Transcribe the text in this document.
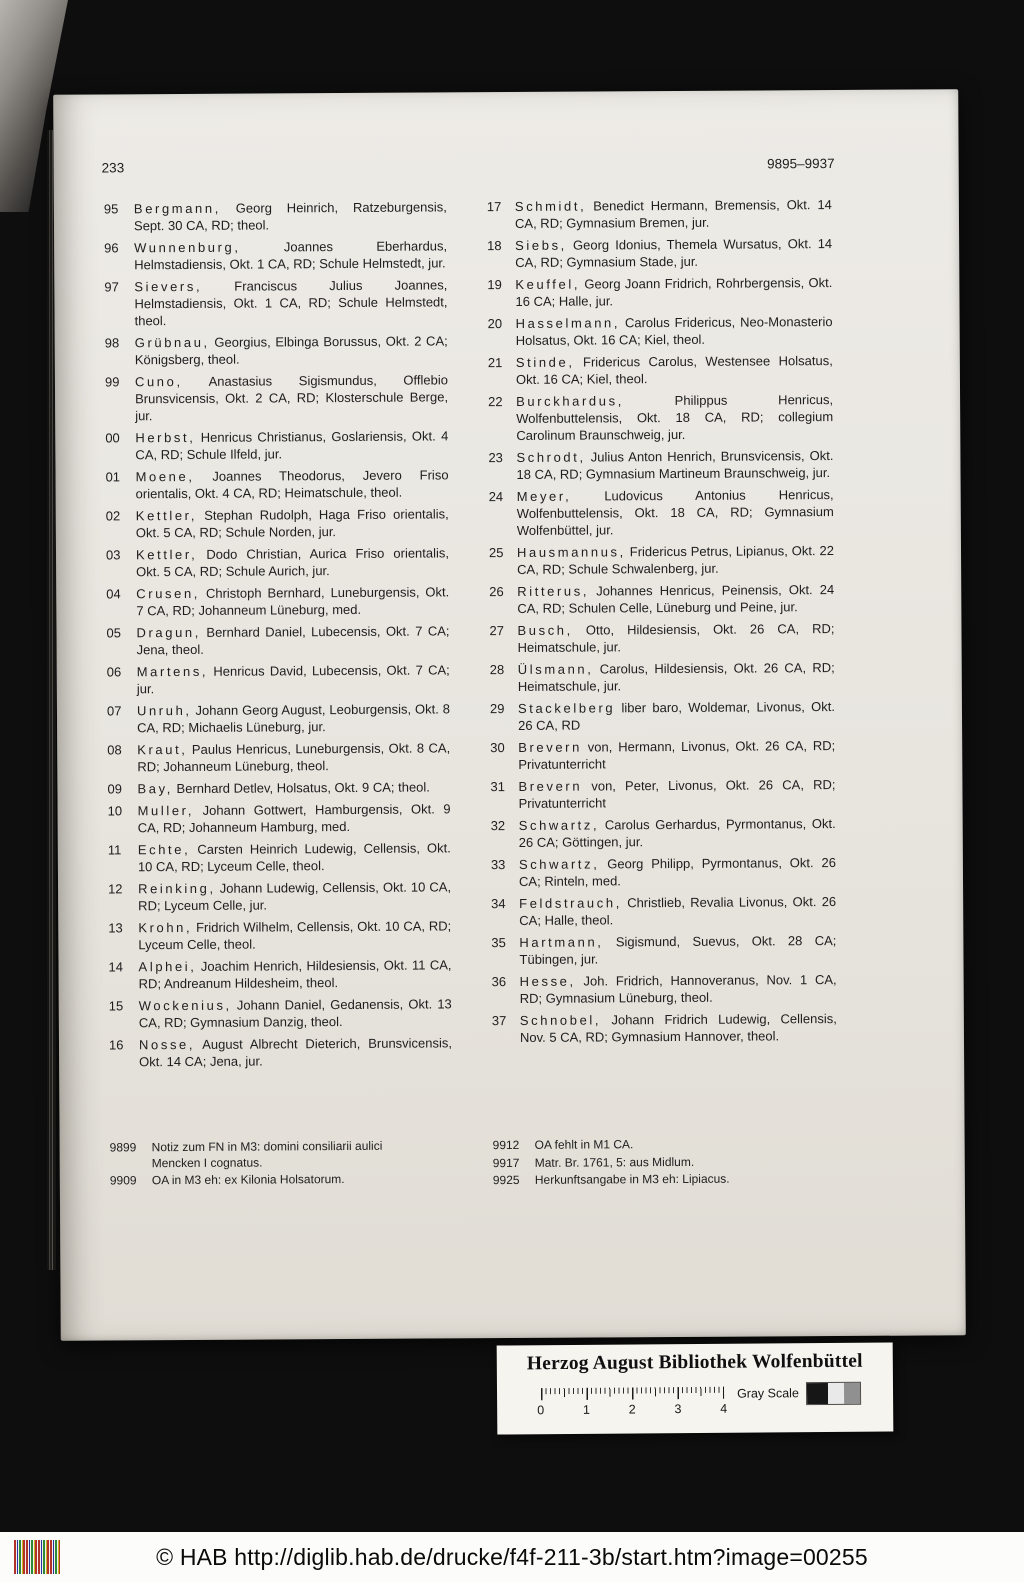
233	9895–9937
95	Bergmann, Georg Heinrich, Ratzeburgensis, Sept. 30 CA, RD; theol.

96	Wunnenburg,	Joannes Eberhardus, Helmstadiensis, Okt. 1 CA, RD; Schule Helmstedt, jur.

97	Sievers, Franciscus Julius Joannes, Helmstadiensis, Okt. 1 CA, RD; Schule Helmstedt, theol.

98	Grübnau, Georgius, Elbinga Borussus, Okt. 2 CA; Königsberg, theol.

99	Cuno, Anastasius Sigismundus, Offlebio Brunsvicensis, Okt. 2 CA, RD; Klosterschule Berge, jur.

00	Herbst, Henricus Christianus, Goslariensis, Okt. 4 CA, RD; Schule Ilfeld, jur.

01	Moene, Joannes Theodorus, Jevero Friso orientalis, Okt. 4 CA, RD; Heimatschule, theol.

02	Kettler, Stephan Rudolph, Haga Friso orientalis, Okt. 5 CA, RD; Schule Norden, jur.

03	Kettler, Dodo Christian, Aurica Friso orientalis, Okt. 5 CA, RD; Schule Aurich, jur.

04	Crusen, Christoph Bernhard, Luneburgensis, Okt. 7 CA, RD; Johanneum Lüneburg, med.

05	Dragun, Bernhard Daniel, Lubecensis, Okt. 7 CA; Jena, theol.

06	Martens, Henricus David, Lubecensis, Okt. 7 CA; jur.

07	Unruh, Johann Georg August, Leoburgensis, Okt. 8 CA, RD; Michaelis Lüneburg, jur.

08	Kraut, Paulus Henricus, Luneburgensis, Okt. 8 CA, RD; Johanneum Lüneburg, theol.

09	Bay, Bernhard Detlev, Holsatus, Okt. 9 CA; theol.

10	Muller, Johann Gottwert, Hamburgensis, Okt. 9 CA, RD; Johanneum Hamburg, med.

11	Echte, Carsten Heinrich Ludewig, Cellensis, Okt. 10 CA, RD; Lyceum Celle, theol.

12	Reinking, Johann Ludewig, Cellensis, Okt. 10 CA, RD; Lyceum Celle, jur.

13	Krohn, Fridrich Wilhelm, Cellensis, Okt. 10 CA, RD; Lyceum Celle, theol.

14	Alphei, Joachim Henrich, Hildesiensis, Okt. 11 CA, RD; Andreanum Hildesheim, theol.

15	Wockenius, Johann Daniel, Gedanensis, Okt. 13 CA, RD; Gymnasium Danzig, theol.

16	Nosse, August Albrecht Dieterich, Brunsvicensis, Okt. 14 CA; Jena, jur.

17	Schmidt, Benedict Hermann, Bremensis, Okt. 14 CA, RD; Gymnasium Bremen, jur.

18	Siebs, Georg Idonius, Themela Wursatus, Okt. 14 CA, RD; Gymnasium Stade, jur.

19	Keuffel, Georg Joann Fridrich, Rohrbergensis, Okt. 16 CA; Halle, jur.

20	Hasselmann, Carolus Fridericus, Neo-Monasterio Holsatus, Okt. 16 CA; Kiel, theol.

21	Stinde, Fridericus Carolus, Westensee Holsatus, Okt. 16 CA; Kiel, theol.

22	Burckhardus,	Philippus Henricus, Wolfenbuttelensis, Okt. 18 CA, RD; collegium Carolinum Braunschweig, jur.

23	Schrodt, Julius Anton Henrich, Brunsvicensis, Okt. 18 CA, RD; Gymnasium Martineum Braunschweig, jur.

24	Meyer,	Ludovicus Antonius Henricus, Wolfenbuttelensis, Okt. 18 CA, RD; Gymnasium Wolfenbüttel, jur.

25	Hausmannus, Fridericus Petrus, Lipianus, Okt. 22 CA, RD; Schule Schwalenberg, jur.

26	Ritterus, Johannes Henricus, Peinensis, Okt. 24 CA, RD; Schulen Celle, Lüneburg und Peine, jur.

27	Busch, Otto, Hildesiensis, Okt. 26 CA, RD; Heimatschule, jur.

28	Ülsmann, Carolus, Hildesiensis, Okt. 26 CA, RD; Heimatschule, jur.

29	Stackelberg liber baro, Woldemar, Livonus, Okt. 26 CA, RD

30	Brevern von, Hermann, Livonus, Okt. 26 CA, RD; Privatunterricht

31	Brevern von, Peter, Livonus, Okt. 26 CA, RD; Privatunterricht

32	Schwartz, Carolus Gerhardus, Pyrmontanus, Okt. 26 CA; Göttingen, jur.

33	Schwartz, Georg Philipp, Pyrmontanus, Okt. 26 CA; Rinteln, med.

34	Feldstrauch, Christlieb, Revalia Livonus, Okt. 26 CA; Halle, theol.

35	Hartmann, Sigismund, Suevus, Okt. 28 CA; Tübingen, jur.

36	Hesse, Joh. Fridrich, Hannoveranus, Nov. 1 CA, RD; Gymnasium Lüneburg, theol.

37	Schnobel, Johann Fridrich Ludewig, Cellensis, Nov. 5 CA, RD; Gymnasium Hannover, theol.

9899	Notiz zum FN in M3: domini consiliarii aulici Mencken I cognatus.

9909	OA in M3 eh: ex Kilonia Holsatorum.

9912	OA fehlt in M1 CA.

9917	Matr. Br. 1761, 5: aus Midlum.

9925	Herkunftsangabe in M3 eh: Lipiacus.

Herzog August Bibliothek Wolfenbüttel
0	1	2	3	4
Gray Scale
© HAB http://diglib.hab.de/drucke/f4f-211-3b/start.htm?image=00255
